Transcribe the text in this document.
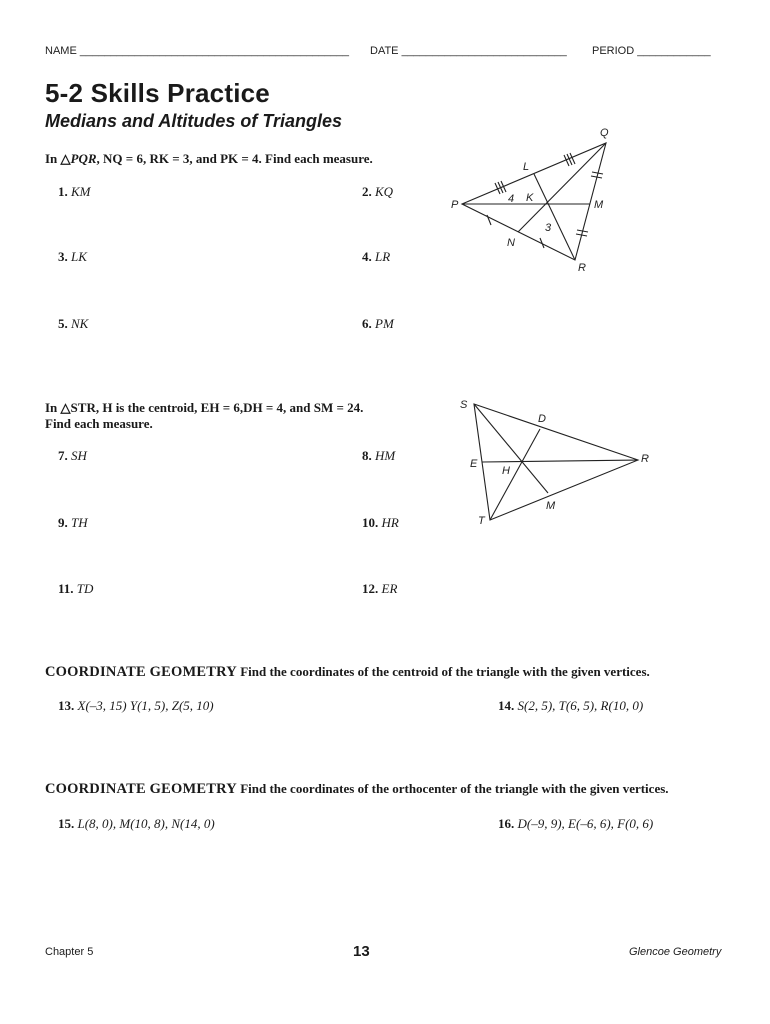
NAME ____________________________________________ DATE ___________________________ PERIOD ____________
5-2 Skills Practice
Medians and Altitudes of Triangles
In △PQR, NQ = 6, RK = 3, and PK = 4. Find each measure.
1. KM	2. KQ
3. LK	4. LR
5. NK	6. PM
Q
P
R
L
M
N
K
4
3
In △STR, H is the centroid, EH = 6,DH = 4, and SM = 24.
Find each measure.
7. SH	8. HM
9. TH	10. HR
11. TD	12. ER
S
D
R
E
H
M
T
COORDINATE GEOMETRY Find the coordinates of the centroid of the triangle with the given vertices.
13. X(–3, 15) Y(1, 5), Z(5, 10)	14. S(2, 5), T(6, 5), R(10, 0)
COORDINATE GEOMETRY Find the coordinates of the orthocenter of the triangle with the given vertices.
15. L(8, 0), M(10, 8), N(14, 0)	16. D(–9, 9), E(–6, 6), F(0, 6)
Chapter 5	13	Glencoe Geometry
